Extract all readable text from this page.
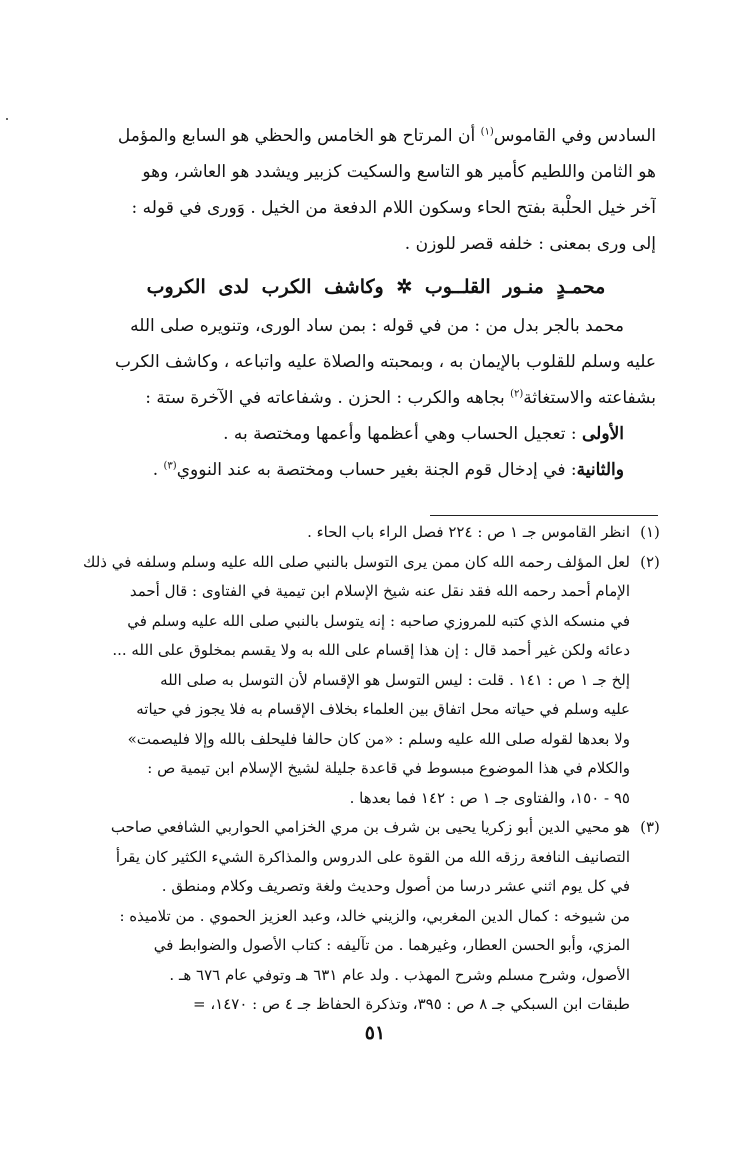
السادس وفي القاموس$^{(١)}$ أن المرتاح هو الخامس والحظي هو السابع والمؤمل
هو الثامن واللطيم كأمير هو التاسع والسكيت كزبير ويشدد هو العاشر، وهو
آخر خيل الحلْبة بفتح الحاء وسكون اللام الدفعة من الخيل . وَورى في قوله :
إلى ورى بمعنى : خلفه قصر للوزن .
محمـدٍ منـور القلــوب ✲ وكاشف الكرب لدى الكروب
محمد بالجر بدل من : من في قوله : بمن ساد الورى، وتنويره صلى الله
عليه وسلم للقلوب بالإيمان به ، وبمحبته والصلاة عليه واتباعه ، وكاشف الكرب
بشفاعته والاستغاثة$^{(٢)}$ بجاهه والكرب : الحزن . وشفاعاته في الآخرة ستة :
الأولى : تعجيل الحساب وهي أعظمها وأعمها ومختصة به .
والثانية: في إدخال قوم الجنة بغير حساب ومختصة به عند النووي$^{(٣)}$ .
(١)
انظر القاموس جـ ١ ص : ٢٢٤ فصل الراء باب الحاء .
(٢)
لعل المؤلف رحمه الله كان ممن يرى التوسل بالنبي صلى الله عليه وسلم وسلفه في ذلك
الإمام أحمد رحمه الله فقد نقل عنه شيخ الإسلام ابن تيمية في الفتاوى : قال أحمد
في منسكه الذي كتبه للمروزي صاحبه : إنه يتوسل بالنبي صلى الله عليه وسلم في
دعائه ولكن غير أحمد قال : إن هذا إقسام على الله به ولا يقسم بمخلوق على الله ...
إلخ جـ ١ ص : ١٤١ . قلت : ليس التوسل هو الإقسام لأن التوسل به صلى الله
عليه وسلم في حياته محل اتفاق بين العلماء بخلاف الإقسام به فلا يجوز في حياته
ولا بعدها لقوله صلى الله عليه وسلم : «من كان حالفا فليحلف بالله وإلا فليصمت»
والكلام في هذا الموضوع مبسوط في قاعدة جليلة لشيخ الإسلام ابن تيمية ص :
٩٥ - ١٥٠، والفتاوى جـ ١ ص : ١٤٢ فما بعدها .
(٣)
هو محيي الدين أبو زكريا يحيى بن شرف بن مري الخزامي الحواربي الشافعي صاحب
التصانيف النافعة رزقه الله من القوة على الدروس والمذاكرة الشيء الكثير كان يقرأ
في كل يوم اثني عشر درسا من أصول وحديث ولغة وتصريف وكلام ومنطق .
من شيوخه : كمال الدين المغربي، والزيني خالد، وعبد العزيز الحموي . من تلاميذه :
المزي، وأبو الحسن العطار، وغيرهما . من تآليفه : كتاب الأصول والضوابط في
الأصول، وشرح مسلم وشرح المهذب . ولد عام ٦٣١ هـ وتوفي عام ٦٧٦ هـ .
طبقات ابن السبكي جـ ٨ ص : ٣٩٥، وتذكرة الحفاظ جـ ٤ ص : ١٤٧٠، =
٥١
